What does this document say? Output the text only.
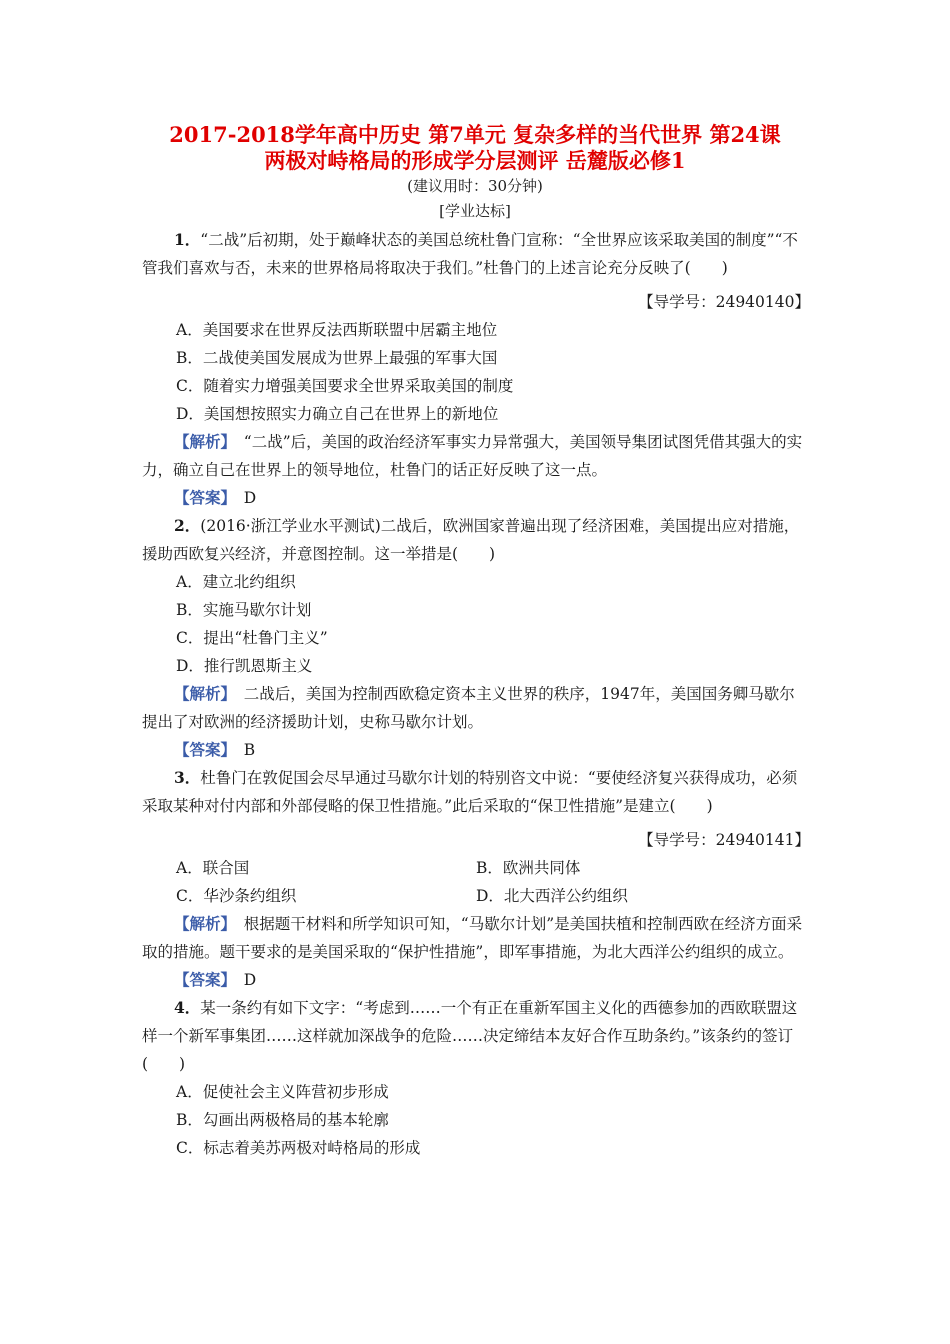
2017-2018学年高中历史 第7单元 复杂多样的当代世界 第24课
两极对峙格局的形成学分层测评 岳麓版必修1
(建议用时：30分钟)
[学业达标]

1．“二战”后初期，处于巅峰状态的美国总统杜鲁门宣称：“全世界应该采取美国的制度”“不管我们喜欢与否，未来的世界格局将取决于我们。”杜鲁门的上述言论充分反映了(　　)

【导学号：24940140】

A．美国要求在世界反法西斯联盟中居霸主地位

B．二战使美国发展成为世界上最强的军事大国

C．随着实力增强美国要求全世界采取美国的制度

D．美国想按照实力确立自己在世界上的新地位

【解析】　“二战”后，美国的政治经济军事实力异常强大，美国领导集团试图凭借其强大的实力，确立自己在世界上的领导地位，杜鲁门的话正好反映了这一点。

【答案】　D

2．(2016·浙江学业水平测试)二战后，欧洲国家普遍出现了经济困难，美国提出应对措施，援助西欧复兴经济，并意图控制。这一举措是(　　)

A．建立北约组织

B．实施马歇尔计划

C．提出“杜鲁门主义”

D．推行凯恩斯主义

【解析】　二战后，美国为控制西欧稳定资本主义世界的秩序，1947年，美国国务卿马歇尔提出了对欧洲的经济援助计划，史称马歇尔计划。

【答案】　B

3．杜鲁门在敦促国会尽早通过马歇尔计划的特别咨文中说：“要使经济复兴获得成功，必须采取某种对付内部和外部侵略的保卫性措施。”此后采取的“保卫性措施”是建立(　　)

【导学号：24940141】

A．联合国	B．欧洲共同体
C．华沙条约组织	D．北大西洋公约组织

【解析】　根据题干材料和所学知识可知，“马歇尔计划”是美国扶植和控制西欧在经济方面采取的措施。题干要求的是美国采取的“保护性措施”，即军事措施，为北大西洋公约组织的成立。

【答案】　D

4．某一条约有如下文字：“考虑到……一个有正在重新军国主义化的西德参加的西欧联盟这样一个新军事集团……这样就加深战争的危险……决定缔结本友好合作互助条约。”该条约的签订(　　)

A．促使社会主义阵营初步形成

B．勾画出两极格局的基本轮廓

C．标志着美苏两极对峙格局的形成
